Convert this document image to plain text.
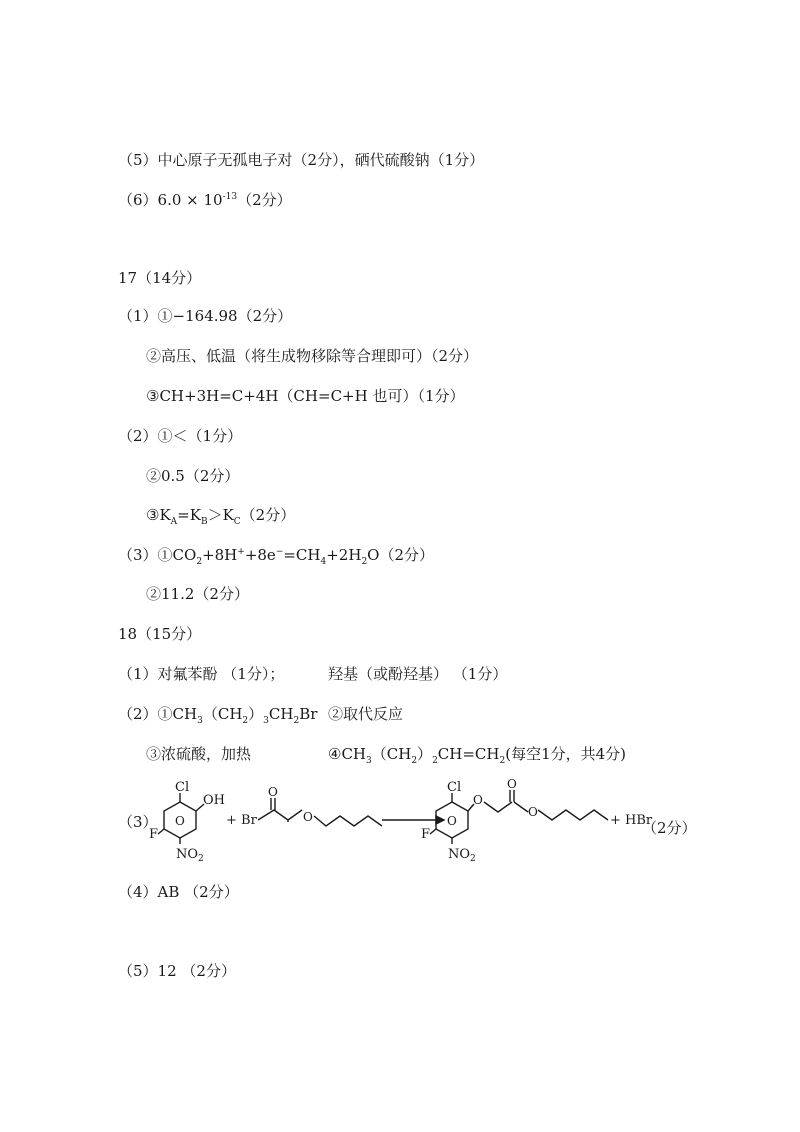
（5）中心原子无孤电子对（2分），硒代硫酸钠（1分）
$(6)6.0 \times 10^{-13}(2$分）
17（14分）
（1）①−164.98（2分）
②高压、低温（将生成物移除等合理即可）（2分）
③CH+3H=C+4H（CH=C+H 也可）（1分）
（2）①＜（1分）
②0.5（2分）
$③K_A=K_B>K_C(2$分）
$(3)①CO_2+8H^++8e^-=CH_4+2H_2O(2$分）
②11.2（2分）
18（15分）
（1）对氟苯酚 （1分）；	羟基（或酚羟基） （1分）
$(2)①CH_3(CH_2)_3CH_2Br$ ②取代反应
③浓硫酸，加热	$④CH_3(CH_2)_2CH=CH_2$(每空1分，共4分)
（3）
Cl
OH
O
F
$NO_2$
+ Br
O
O
Cl
O
O
F
$NO_2$
O
O
+ HBr
（2分）
（4）AB （2分）
（5）12 （2分）
